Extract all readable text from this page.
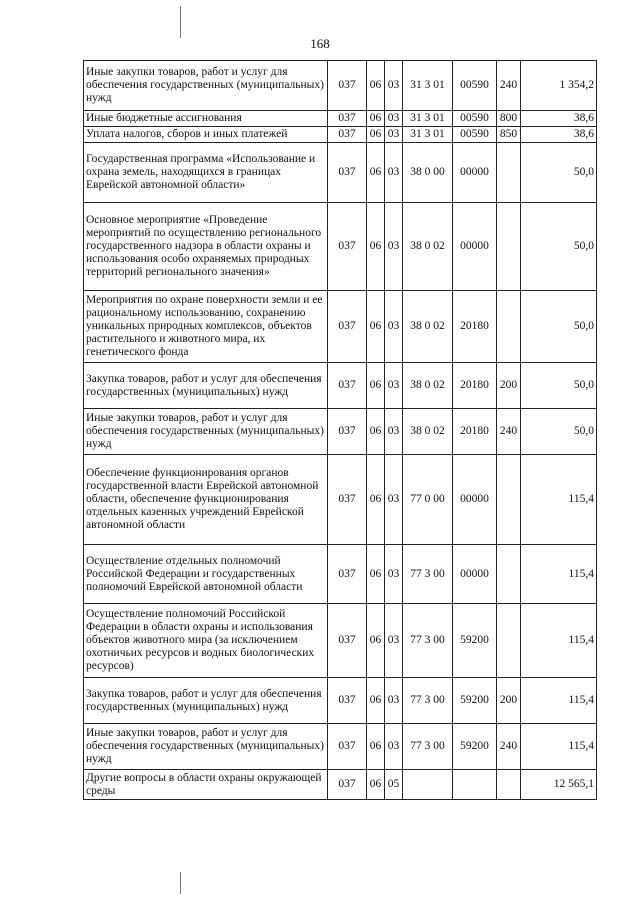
168
Иные закупки товаров, работ и услуг для обеспечения государственных (муниципальных) нужд	037	06	03	31 3 01	00590	240	1 354,2
Иные бюджетные ассигнования	037	06	03	31 3 01	00590	800	38,6
Уплата налогов, сборов и иных платежей	037	06	03	31 3 01	00590	850	38,6
Государственная программа «Использование и охрана земель, находящихся в границах Еврейской автономной области»	037	06	03	38 0 00	00000		50,0
Основное мероприятие «Проведение мероприятий по осуществлению регионального государственного надзора в области охраны и использования особо охраняемых природных территорий регионального значения»	037	06	03	38 0 02	00000		50,0
Мероприятия по охране поверхности земли и ее рациональному использованию, сохранению уникальных природных комплексов, объектов растительного и животного мира, их генетического фонда	037	06	03	38 0 02	20180		50,0
Закупка товаров, работ и услуг для обеспечения государственных (муниципальных) нужд	037	06	03	38 0 02	20180	200	50,0
Иные закупки товаров, работ и услуг для обеспечения государственных (муниципальных) нужд	037	06	03	38 0 02	20180	240	50,0
Обеспечение функционирования органов государственной власти Еврейской автономной области, обеспечение функционирования отдельных казенных учреждений Еврейской автономной области	037	06	03	77 0 00	00000		115,4
Осуществление отдельных полномочий Российской Федерации и государственных полномочий Еврейской автономной области	037	06	03	77 3 00	00000		115,4
Осуществление полномочий Российской Федерации в области охраны и использования объектов животного мира (за исключением охотничьих ресурсов и водных биологических ресурсов)	037	06	03	77 3 00	59200		115,4
Закупка товаров, работ и услуг для обеспечения государственных (муниципальных) нужд	037	06	03	77 3 00	59200	200	115,4
Иные закупки товаров, работ и услуг для обеспечения государственных (муниципальных) нужд	037	06	03	77 3 00	59200	240	115,4
Другие вопросы в области охраны окружающей среды	037	06	05				12 565,1
